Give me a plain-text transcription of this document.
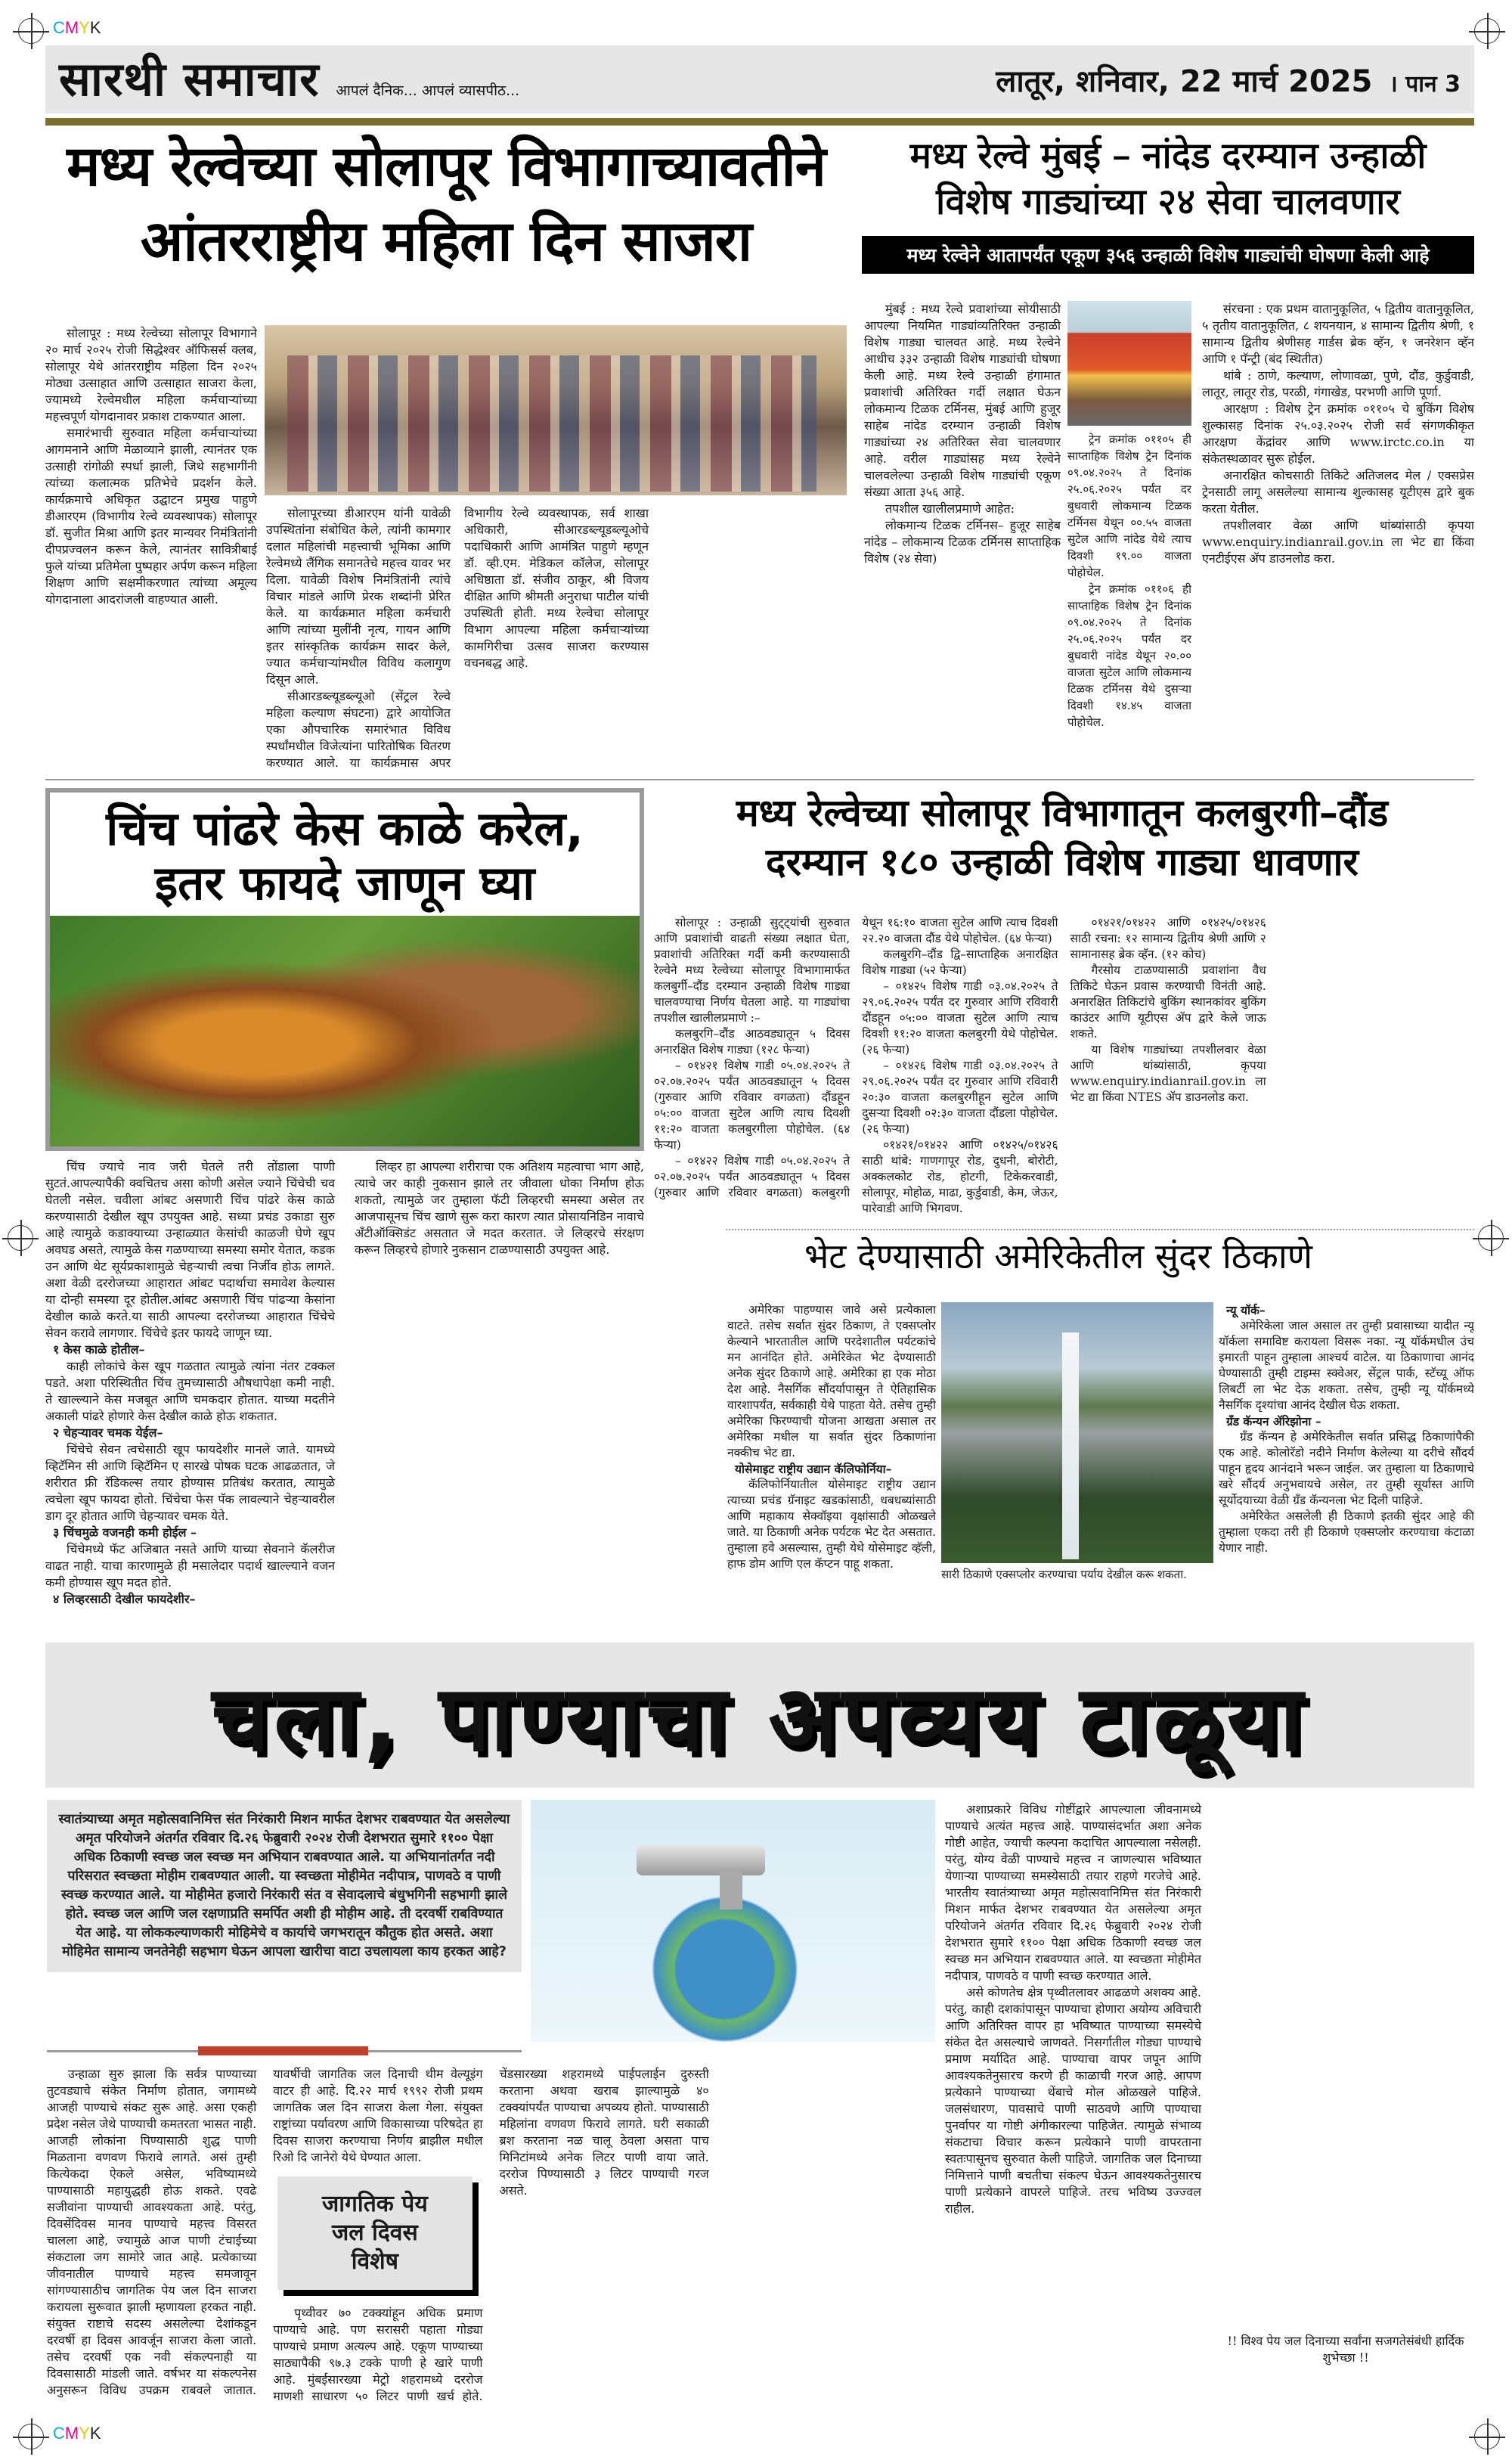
CMYK
CMYK
सारथी समाचार आपलं दैनिक... आपलं व्यासपीठ...	लातूर, शनिवार, 22 मार्च 2025 । पान 3
मध्य रेल्वेच्या सोलापूर विभागाच्यावतीने
आंतरराष्ट्रीय महिला दिन साजरा

सोलापूर : मध्य रेल्वेच्या सोलापूर विभागाने २० मार्च २०२५ रोजी सिद्धेश्वर ऑफिसर्स क्लब, सोलापूर येथे आंतरराष्ट्रीय महिला दिन २०२५ मोठ्या उत्साहात आणि उत्साहात साजरा केला, ज्यामध्ये रेल्वेमधील महिला कर्मचाऱ्यांच्या महत्त्वपूर्ण योगदानावर प्रकाश टाकण्यात आला.

समारंभाची सुरुवात महिला कर्मचाऱ्यांच्या आगमनाने आणि मेळाव्याने झाली, त्यानंतर एक उत्साही रांगोळी स्पर्धा झाली, जिथे सहभागींनी त्यांच्या कलात्मक प्रतिभेचे प्रदर्शन केले. कार्यक्रमाचे अधिकृत उद्घाटन प्रमुख पाहुणे डीआरएम (विभागीय रेल्वे व्यवस्थापक) सोलापूर डॉ. सुजीत मिश्रा आणि इतर मान्यवर निमंत्रितांनी दीपप्रज्वलन करून केले, त्यानंतर सावित्रीबाई फुले यांच्या प्रतिमेला पुष्पहार अर्पण करून महिला शिक्षण आणि सक्षमीकरणात त्यांच्या अमूल्य योगदानाला आदरांजली वाहण्यात आली.

सोलापूरच्या डीआरएम यांनी यावेळी उपस्थितांना संबोधित केले, त्यांनी कामगार दलात महिलांची महत्त्वाची भूमिका आणि रेल्वेमध्ये लैंगिक समानतेचे महत्त्व यावर भर दिला. यावेळी विशेष निमंत्रितांनी त्यांचे विचार मांडले आणि प्रेरक शब्दांनी प्रेरित केले. या कार्यक्रमात महिला कर्मचारी आणि त्यांच्या मुलींनी नृत्य, गायन आणि इतर सांस्कृतिक कार्यक्रम सादर केले, ज्यात कर्मचाऱ्यांमधील विविध कलागुण दिसून आले.

सीआरडब्ल्यूडब्ल्यूओ (सेंट्रल रेल्वे महिला कल्याण संघटना) द्वारे आयोजित एका औपचारिक समारंभात विविध स्पर्धांमधील विजेत्यांना पारितोषिक वितरण करण्यात आले. या कार्यक्रमास अपर विभागीय रेल्वे व्यवस्थापक, सर्व शाखा अधिकारी, सीआरडब्ल्यूडब्ल्यूओचे पदाधिकारी आणि आमंत्रित पाहुणे म्हणून डॉ. व्ही.एम. मेडिकल कॉलेज, सोलापूर अधिष्ठाता डॉ. संजीव ठाकूर, श्री विजय दीक्षित आणि श्रीमती अनुराधा पाटील यांची उपस्थिती होती. मध्य रेल्वेचा सोलापूर विभाग आपल्या महिला कर्मचाऱ्यांच्या कामगिरीचा उत्सव साजरा करण्यास वचनबद्ध आहे.

मध्य रेल्वे मुंबई – नांदेड दरम्यान उन्हाळी
विशेष गाड्यांच्या २४ सेवा चालवणार
मध्य रेल्वेने आतापर्यंत एकूण ३५६ उन्हाळी विशेष गाड्यांची घोषणा केली आहे

मुंबई : मध्य रेल्वे प्रवाशांच्या सोयीसाठी आपल्या नियमित गाड्यांव्यतिरिक्त उन्हाळी विशेष गाड्या चालवत आहे. मध्य रेल्वेने आधीच ३३२ उन्हाळी विशेष गाड्यांची घोषणा केली आहे. मध्य रेल्वे उन्हाळी हंगामात प्रवाशांची अतिरिक्त गर्दी लक्षात घेऊन लोकमान्य टिळक टर्मिनस, मुंबई आणि हुजूर साहेब नांदेड दरम्यान उन्हाळी विशेष गाड्यांच्या २४ अतिरिक्त सेवा चालवणार आहे. वरील गाड्यांसह मध्य रेल्वेने चालवलेल्या उन्हाळी विशेष गाड्यांची एकूण संख्या आता ३५६ आहे.

तपशील खालीलप्रमाणे आहेत:

लोकमान्य टिळक टर्मिनस– हुजूर साहेब नांदेड – लोकमान्य टिळक टर्मिनस साप्ताहिक विशेष (२४ सेवा)

ट्रेन क्रमांक ०११०५ ही साप्ताहिक विशेष ट्रेन दिनांक ०९.०४.२०२५ ते दिनांक २५.०६.२०२५ पर्यंत दर बुधवारी लोकमान्य टिळक टर्मिनस येथून ००.५५ वाजता सुटेल आणि नांदेड येथे त्याच दिवशी १९.०० वाजता पोहोचेल.

ट्रेन क्रमांक ०११०६ ही साप्ताहिक विशेष ट्रेन दिनांक ०९.०४.२०२५ ते दिनांक २५.०६.२०२५ पर्यंत दर बुधवारी नांदेड येथून २०.०० वाजता सुटेल आणि लोकमान्य टिळक टर्मिनस येथे दुसऱ्या दिवशी १४.४५ वाजता पोहोचेल.

संरचना : एक प्रथम वातानुकूलित, ५ द्वितीय वातानुकूलित, ५ तृतीय वातानुकूलित, ८ शयनयान, ४ सामान्य द्वितीय श्रेणी, १ सामान्य द्वितीय श्रेणीसह गार्डस ब्रेक व्हॅन, १ जनरेशन व्हॅन आणि १ पॅन्ट्री (बंद स्थितीत)

थांबे : ठाणे, कल्याण, लोणावळा, पुणे, दौंड, कुर्डुवाडी, लातूर, लातूर रोड, परळी, गंगाखेड, परभणी आणि पूर्णा.

आरक्षण : विशेष ट्रेन क्रमांक ०११०५ चे बुकिंग विशेष शुल्कासह दिनांक २५.०३.२०२५ रोजी सर्व संगणकीकृत आरक्षण केंद्रांवर आणि www.irctc.co.in या संकेतस्थळावर सुरू होईल.

अनारक्षित कोचसाठी तिकिटे अतिजलद मेल / एक्सप्रेस ट्रेनसाठी लागू असलेल्या सामान्य शुल्कासह यूटीएस द्वारे बुक करता येतील.

तपशीलवार वेळा आणि थांब्यांसाठी कृपया www.enquiry.indianrail.gov.in ला भेट द्या किंवा एनटीईएस ॲप डाउनलोड करा.

चिंच पांढरे केस काळे करेल,
इतर फायदे जाणून घ्या

चिंच ज्याचे नाव जरी घेतले तरी तोंडाला पाणी सुटतं.आपल्यापैकी क्वचितच असा कोणी असेल ज्याने चिंचेची चव घेतली नसेल. चवीला आंबट असणारी चिंच पांढरे केस काळे करण्यासाठी देखील खूप उपयुक्त आहे. सध्या प्रचंड उकाडा सुरु आहे त्यामुळे कडाक्याच्या उन्हाळ्यात केसांची काळजी घेणे खूप अवघड असते, त्यामुळे केस गळण्याच्या समस्या समोर येतात, कडक उन आणि थेट सूर्यप्रकाशामुळे चेहऱ्याची त्वचा निर्जीव होऊ लागते. अशा वेळी दररोजच्या आहारात आंबट पदार्थाचा समावेश केल्यास या दोन्ही समस्या दूर होतील.आंबट असणारी चिंच पांढऱ्या केसांना देखील काळे करते.या साठी आपल्या दररोजच्या आहारात चिंचेचे सेवन करावे लागणार. चिंचेचे इतर फायदे जाणून घ्या.

१ केस काळे होतील–

काही लोकांचे केस खूप गळतात त्यामुळे त्यांना नंतर टक्कल पडते. अशा परिस्थितीत चिंच तुमच्यासाठी औषधापेक्षा कमी नाही. ते खाल्ल्याने केस मजबूत आणि चमकदार होतात. याच्या मदतीने अकाली पांढरे होणारे केस देखील काळे होऊ शकतात.

२ चेहऱ्यावर चमक येईल–

चिंचेचे सेवन त्वचेसाठी खूप फायदेशीर मानले जाते. यामध्ये व्हिटॅमिन सी आणि व्हिटॅमिन ए सारखे पोषक घटक आढळतात, जे शरीरात फ्री रॅडिकल्स तयार होण्यास प्रतिबंध करतात, त्यामुळे त्वचेला खूप फायदा होतो. चिंचेचा फेस पॅक लावल्याने चेहऱ्यावरील डाग दूर होतात आणि चेहऱ्यावर चमक येते.

३ चिंचमुळे वजनही कमी होईल –

चिंचेमध्ये फॅट अजिबात नसते आणि याच्या सेवनाने कॅलरीज वाढत नाही. याचा कारणामुळे ही मसालेदार पदार्थ खाल्ल्याने वजन कमी होण्यास खूप मदत होते.

४ लिव्हरसाठी देखील फायदेशीर–

लिव्हर हा आपल्या शरीराचा एक अतिशय महत्वाचा भाग आहे, त्याचे जर काही नुकसान झाले तर जीवाला धोका निर्माण होऊ शकतो, त्यामुळे जर तुम्हाला फॅटी लिव्हरची समस्या असेल तर आजपासूनच चिंच खाणे सुरू करा कारण त्यात प्रोसायनिडिन नावाचे ॲंटीऑक्सिडंट असतात जे मदत करतात. जे लिव्हरचे संरक्षण करून लिव्हरचे होणारे नुकसान टाळण्यासाठी उपयुक्त आहे.

मध्य रेल्वेच्या सोलापूर विभागातून कलबुरगी–दौंड
दरम्यान १८० उन्हाळी विशेष गाड्या धावणार

सोलापूर : उन्हाळी सुट्ट्यांची सुरुवात आणि प्रवाशांची वाढती संख्या लक्षात घेता, प्रवाशांची अतिरिक्त गर्दी कमी करण्यासाठी रेल्वेने मध्य रेल्वेच्या सोलापूर विभागामार्फत कलबुर्गी–दौंड दरम्यान उन्हाळी विशेष गाड्या चालवण्याचा निर्णय घेतला आहे. या गाड्यांचा तपशील खालीलप्रमाणे :–

कलबुरगि–दौंड आठवड्यातून ५ दिवस अनारक्षित विशेष गाड्या (१२८ फेऱ्या)

– ०१४२१ विशेष गाडी ०५.०४.२०२५ ते ०२.०७.२०२५ पर्यंत आठवड्यातून ५ दिवस (गुरुवार आणि रविवार वगळता) दौंडहून ०५:०० वाजता सुटेल आणि त्याच दिवशी ११:२० वाजता कलबुरगीला पोहोचेल. (६४ फेऱ्या)

– ०१४२२ विशेष गाडी ०५.०४.२०२५ ते ०२.०७.२०२५ पर्यंत आठवड्यातून ५ दिवस (गुरुवार आणि रविवार वगळता) कलबुरगी येथून १६:१० वाजता सुटेल आणि त्याच दिवशी २२.२० वाजता दौंड येथे पोहोचेल. (६४ फेऱ्या)

कलबुरगि–दौंड द्वि–साप्ताहिक अनारक्षित विशेष गाड्या (५२ फेऱ्या)

– ०१४२५ विशेष गाडी ०३.०४.२०२५ ते २९.०६.२०२५ पर्यंत दर गुरुवार आणि रविवारी दौंडहून ०५:०० वाजता सुटेल आणि त्याच दिवशी ११:२० वाजता कलबुरगी येथे पोहोचेल. (२६ फेऱ्या)

– ०१४२६ विशेष गाडी ०३.०४.२०२५ ते २९.०६.२०२५ पर्यंत दर गुरुवार आणि रविवारी २०:३० वाजता कलबुरगीहून सुटेल आणि दुसऱ्या दिवशी ०२:३० वाजता दौंडला पोहोचेल. (२६ फेऱ्या)

०१४२१/०१४२२ आणि ०१४२५/०१४२६ साठी थांबे: गाणगापूर रोड, दुधनी, बोरोटी, अक्कलकोट रोड, होटगी, टिकेकरवाडी, सोलापूर, मोहोळ, माढा, कुर्डुवाडी, केम, जेऊर, पारेवाडी आणि भिगवण.

०१४२१/०१४२२ आणि ०१४२५/०१४२६ साठी रचना: १२ सामान्य द्वितीय श्रेणी आणि २ सामानासह ब्रेक व्हॅन. (१२ कोच)

गैरसोय टाळण्यासाठी प्रवाशांना वैध तिकिटे घेऊन प्रवास करण्याची विनंती आहे. अनारक्षित तिकिटांचे बुकिंग स्थानकांवर बुकिंग काउंटर आणि यूटीएस ॲप द्वारे केले जाऊ शकते.

या विशेष गाड्यांच्या तपशीलवार वेळा आणि थांब्यांसाठी, कृपया www.enquiry.indianrail.gov.in ला भेट द्या किंवा NTES ॲप डाउनलोड करा.

भेट देण्यासाठी अमेरिकेतील सुंदर ठिकाणे

अमेरिका पाहण्यास जावे असे प्रत्येकाला वाटते. तसेच सर्वात सुंदर ठिकाण, ते एक्सप्लोर केल्याने भारतातील आणि परदेशातील पर्यटकांचे मन आनंदित होते. अमेरिकेत भेट देण्यासाठी अनेक सुंदर ठिकाणे आहे. अमेरिका हा एक मोठा देश आहे. नैसर्गिक सौंदर्यापासून ते ऐतिहासिक वारशापर्यंत, सर्वकाही येथे पाहता येते. तसेच तुम्ही अमेरिका फिरण्याची योजना आखता असाल तर अमेरिका मधील या सर्वात सुंदर ठिकाणांना नक्कीच भेट द्या.

योसेमाइट राष्ट्रीय उद्यान कॅलिफोर्निया–

कॅलिफोर्नियातील योसेमाइट राष्ट्रीय उद्यान त्याच्या प्रचंड ग्रॅनाइट खडकांसाठी, धबधब्यांसाठी आणि महाकाय सेक्वॉइया वृक्षांसाठी ओळखले जाते. या ठिकाणी अनेक पर्यटक भेट देत असतात. तुम्हाला हवे असल्यास, तुम्ही येथे योसेमाइट व्हॅली, हाफ डोम आणि एल कॅप्टन पाहू शकता.

सारी ठिकाणे एक्सप्लोर करण्याचा पर्याय देखील करू शकता.

न्यू यॉर्क–

अमेरिकेला जाल असाल तर तुम्ही प्रवासाच्या यादीत न्यू यॉर्कला समाविष्ट करायला विसरू नका. न्यू यॉर्कमधील उंच इमारती पाहून तुम्हाला आश्चर्य वाटेल. या ठिकाणाचा आनंद घेण्यासाठी तुम्ही टाइम्स स्क्वेअर, सेंट्रल पार्क, स्टॅच्यू ऑफ लिबर्टी ला भेट देऊ शकता. तसेच, तुम्ही न्यू यॉर्कमध्ये नैसर्गिक दृश्यांचा आनंद देखील घेऊ शकता.

ग्रँड कॅन्यन ॲरिझोना –

ग्रँड कॅन्यन हे अमेरिकेतील सर्वात प्रसिद्ध ठिकाणांपैकी एक आहे. कोलोरॅडो नदीने निर्माण केलेल्या या दरीचे सौंदर्य पाहून हृदय आनंदाने भरून जाईल. जर तुम्हाला या ठिकाणाचे खरे सौंदर्य अनुभवायचे असेल, तर तुम्ही सूर्यास्त आणि सूर्योदयाच्या वेळी ग्रँड कॅन्यनला भेट दिली पाहिजे.

अमेरिकेत असलेली ही ठिकाणे इतकी सुंदर आहे की तुम्हाला एकदा तरी ही ठिकाणे एक्सप्लोर करण्याचा कंटाळा येणार नाही.

चला, पाण्याचा अपव्यय टाळूया
स्वातंत्र्याच्या अमृत महोत्सवानिमित्त संत निरंकारी मिशन मार्फत देशभर राबवण्यात येत असलेल्या अमृत परियोजने अंतर्गत रविवार दि.२६ फेब्रुवारी २०२४ रोजी देशभरात सुमारे ११०० पेक्षा अधिक ठिकाणी स्वच्छ जल स्वच्छ मन अभियान राबवण्यात आले. या अभियानांतर्गत नदी परिसरात स्वच्छता मोहीम राबवण्यात आली. या स्वच्छता मोहीमेत नदीपात्र, पाणवठे व पाणी स्वच्छ करण्यात आले. या मोहीमेत हजारो निरंकारी संत व सेवादलाचे बंधुभगिनी सहभागी झाले होते. स्वच्छ जल आणि जल रक्षणाप्रति समर्पित अशी ही मोहीम आहे. ती दरवर्षी राबविण्यात येत आहे. या लोककल्याणकारी मोहिमेचे व कार्याचे जगभरातून कौतुक होत असते. अशा मोहिमेत सामान्य जनतेनेही सहभाग घेऊन आपला खारीचा वाटा उचलायला काय हरकत आहे?

उन्हाळा सुरु झाला कि सर्वत्र पाण्याच्या तुटवड्याचे संकेत निर्माण होतात, जगामध्ये आजही पाण्याचे संकट सुरू आहे. असा एकही प्रदेश नसेल जेथे पाण्याची कमतरता भासत नाही. आजही लोकांना पिण्यासाठी शुद्ध पाणी मिळताना वणवण फिरावे लागते. असं तुम्ही कित्येकदा ऐकले असेल, भविष्यामध्ये पाण्यासाठी महायुद्धही होऊ शकते. एवढे सजीवांना पाण्याची आवश्यकता आहे. परंतु, दिवसेंदिवस मानव पाण्याचे महत्त्व विसरत चालला आहे, ज्यामुळे आज पाणी टंचाईच्या संकटाला जग सामोरे जात आहे. प्रत्येकाच्या जीवनातील पाण्याचे महत्त्व समजावून सांगण्यासाठीच जागतिक पेय जल दिन साजरा करायला सुरूवात झाली म्हणायला हरकत नाही. संयुक्त राष्टाचे सदस्य असलेल्या देशांकडून दरवर्षी हा दिवस आवर्जून साजरा केला जातो. तसेच दरवर्षी एक नवी संकल्पनाही या दिवसासाठी मांडली जाते. वर्षभर या संकल्पनेस अनुसरून विविध उपक्रम राबवले जातात. यावर्षीची जागतिक जल दिनाची थीम वेल्यूइंग वाटर ही आहे. दि.२२ मार्च १९९२ रोजी प्रथम जागतिक जल दिन साजरा केला गेला. संयुक्त राष्ट्रांच्या पर्यावरण आणि विकासाच्या परिषदेत हा दिवस साजरा करण्याचा निर्णय ब्राझील मधील रिओ दि जानेरो येथे घेण्यात आला.

जागतिक पेय
जल दिवस
विशेष

पृथ्वीवर ७० टक्क्यांहून अधिक प्रमाण पाण्याचे आहे. पण सरासरी पहाता गोड्या पाण्याचे प्रमाण अत्यल्प आहे. एकूण पाण्याच्या साठ्यापैकी ९७.३ टक्के पाणी हे खारे पाणी आहे. मुंबईसारख्या मेट्रो शहरामध्ये दररोज माणशी साधारण ५० लिटर पाणी खर्च होते. चेंडसारख्या शहरामध्ये पाईपलाईन दुरुस्ती करताना अथवा खराब झाल्यामुळे ४० टक्क्यांपर्यंत पाण्याचा अपव्यय होतो. पाण्यासाठी महिलांना वणवण फिरावे लागते. घरी सकाळी ब्रश करताना नळ चालू ठेवला असता पाच मिनिटांमध्ये अनेक लिटर पाणी वाया जाते. दररोज पिण्यासाठी ३ लिटर पाण्याची गरज असते.

अशाप्रकारे विविध गोष्टींद्वारे आपल्याला जीवनामध्ये पाण्याचे अत्यंत महत्त्व आहे. पाण्यासंदर्भात अशा अनेक गोष्टी आहेत, ज्याची कल्पना कदाचित आपल्याला नसेलही. परंतु, योग्य वेळी पाण्याचे महत्त्व न जाणल्यास भविष्यात येणाऱ्या पाण्याच्या समस्येसाठी तयार राहणे गरजेचे आहे. भारतीय स्वातंत्र्याच्या अमृत महोत्सवानिमित्त संत निरंकारी मिशन मार्फत देशभर राबवण्यात येत असलेल्या अमृत परियोजने अंतर्गत रविवार दि.२६ फेब्रुवारी २०२४ रोजी देशभरात सुमारे ११०० पेक्षा अधिक ठिकाणी स्वच्छ जल स्वच्छ मन अभियान राबवण्यात आले. या स्वच्छता मोहीमेत नदीपात्र, पाणवठे व पाणी स्वच्छ करण्यात आले.

असे कोणतेच क्षेत्र पृथ्वीतलावर आढळणे अशक्य आहे. परंतु, काही दशकांपासून पाण्याचा होणारा अयोग्य अविचारी आणि अतिरिक्त वापर हा भविष्यात पाण्याच्या समस्येचे संकेत देत असल्याचे जाणवते. निसर्गातील गोड्या पाण्याचे प्रमाण मर्यादित आहे. पाण्याचा वापर जपून आणि आवश्यकतेनुसारच करणे ही काळाची गरज आहे. आपण प्रत्येकाने पाण्याच्या थेंबाचे मोल ओळखले पाहिजे. जलसंधारण, पावसाचे पाणी साठवणे आणि पाण्याचा पुनर्वापर या गोष्टी अंगीकारल्या पाहिजेत. त्यामुळे संभाव्य संकटाचा विचार करून प्रत्येकाने पाणी वापरताना स्वतःपासूनच सुरुवात केली पाहिजे. जागतिक जल दिनाच्या निमित्ताने पाणी बचतीचा संकल्प घेऊन आवश्यकतेनुसारच पाणी प्रत्येकाने वापरले पाहिजे. तरच भविष्य उज्ज्वल राहील.

!! विश्व पेय जल दिनाच्या सर्वांना सजगतेसंबंधी हार्दिक शुभेच्छा !!
